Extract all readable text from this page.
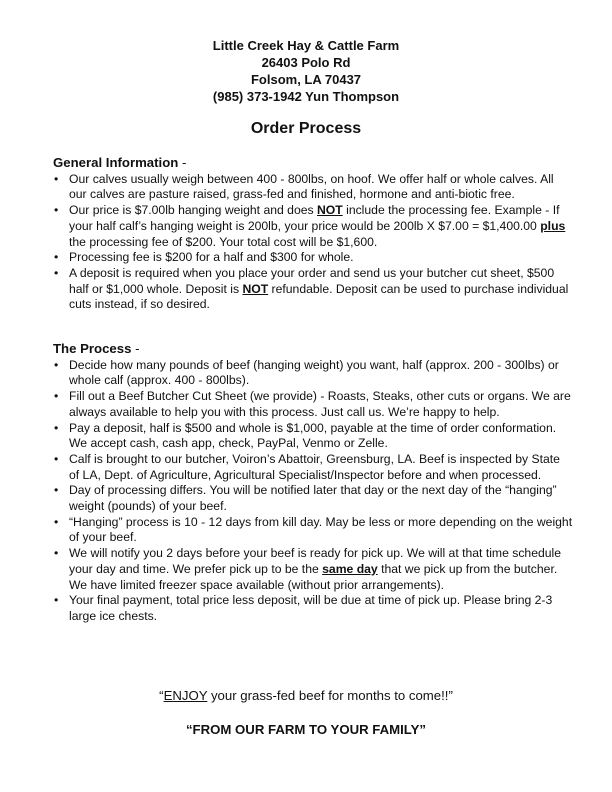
Little Creek Hay & Cattle Farm
26403 Polo Rd
Folsom, LA 70437
(985) 373-1942 Yun Thompson
Order Process
General Information -
• Our calves usually weigh between 400 - 800lbs, on hoof. We offer half or whole calves. All our calves are pasture raised, grass-fed and finished, hormone and anti-biotic free.
• Our price is $7.00lb hanging weight and does NOT include the processing fee. Example - If your half calf’s hanging weight is 200lb, your price would be 200lb X $7.00 = $1,400.00 plus the processing fee of $200. Your total cost will be $1,600.
• Processing fee is $200 for a half and $300 for whole.
• A deposit is required when you place your order and send us your butcher cut sheet, $500 half or $1,000 whole. Deposit is NOT refundable. Deposit can be used to purchase individual cuts instead, if so desired.
The Process -
• Decide how many pounds of beef (hanging weight) you want, half (approx. 200 - 300lbs) or whole calf (approx. 400 - 800lbs).
• Fill out a Beef Butcher Cut Sheet (we provide) - Roasts, Steaks, other cuts or organs. We are always available to help you with this process. Just call us. We’re happy to help.
• Pay a deposit, half is $500 and whole is $1,000, payable at the time of order conformation. We accept cash, cash app, check, PayPal, Venmo or Zelle.
• Calf is brought to our butcher, Voiron’s Abattoir, Greensburg, LA. Beef is inspected by State of LA, Dept. of Agriculture, Agricultural Specialist/Inspector before and when processed.
• Day of processing differs. You will be notified later that day or the next day of the “hanging” weight (pounds) of your beef.
• “Hanging” process is 10 - 12 days from kill day. May be less or more depending on the weight of your beef.
• We will notify you 2 days before your beef is ready for pick up. We will at that time schedule your day and time. We prefer pick up to be the same day that we pick up from the butcher. We have limited freezer space available (without prior arrangements).
• Your final payment, total price less deposit, will be due at time of pick up. Please bring 2-3 large ice chests.
“ENJOY your grass-fed beef for months to come!!”
“FROM OUR FARM TO YOUR FAMILY”
